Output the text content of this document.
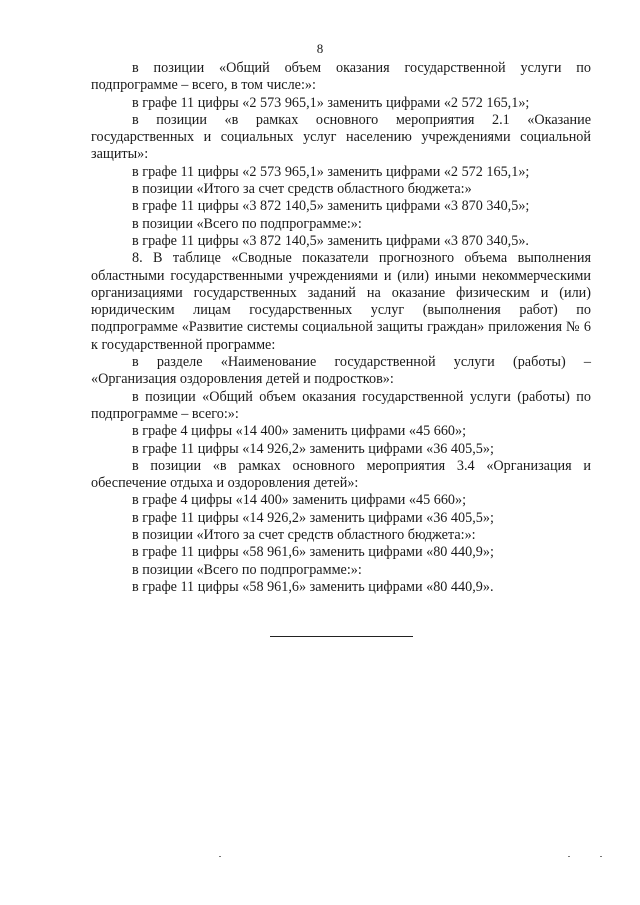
8

в позиции «Общий объем оказания государственной услуги по подпрограмме – всего, в том числе:»:

в графе 11 цифры «2 573 965,1» заменить цифрами «2 572 165,1»;

в позиции «в рамках основного мероприятия 2.1 «Оказание государственных и социальных услуг населению учреждениями социальной защиты»:

в графе 11 цифры «2 573 965,1» заменить цифрами «2 572 165,1»;

в позиции «Итого за счет средств областного бюджета:»

в графе 11 цифры «3 872 140,5» заменить цифрами «3 870 340,5»;

в позиции «Всего по подпрограмме:»:

в графе 11 цифры «3 872 140,5» заменить цифрами «3 870 340,5».

8. В таблице «Сводные показатели прогнозного объема выполнения областными государственными учреждениями и (или) иными некоммерческими организациями государственных заданий на оказание физическим и (или) юридическим лицам государственных услуг (выполнения работ) по подпрограмме «Развитие системы социальной защиты граждан» приложения № 6 к государственной программе:

в разделе «Наименование государственной услуги (работы) – «Организация оздоровления детей и подростков»:

в позиции «Общий объем оказания государственной услуги (работы) по подпрограмме – всего:»:

в графе 4 цифры «14 400» заменить цифрами «45 660»;

в графе 11 цифры «14 926,2» заменить цифрами «36 405,5»;

в позиции «в рамках основного мероприятия 3.4 «Организация и обеспечение отдыха и оздоровления детей»:

в графе 4 цифры «14 400» заменить цифрами «45 660»;

в графе 11 цифры «14 926,2» заменить цифрами «36 405,5»;

в позиции «Итого за счет средств областного бюджета:»:

в графе 11 цифры «58 961,6» заменить цифрами «80 440,9»;

в позиции «Всего по подпрограмме:»:

в графе 11 цифры «58 961,6» заменить цифрами «80 440,9».
